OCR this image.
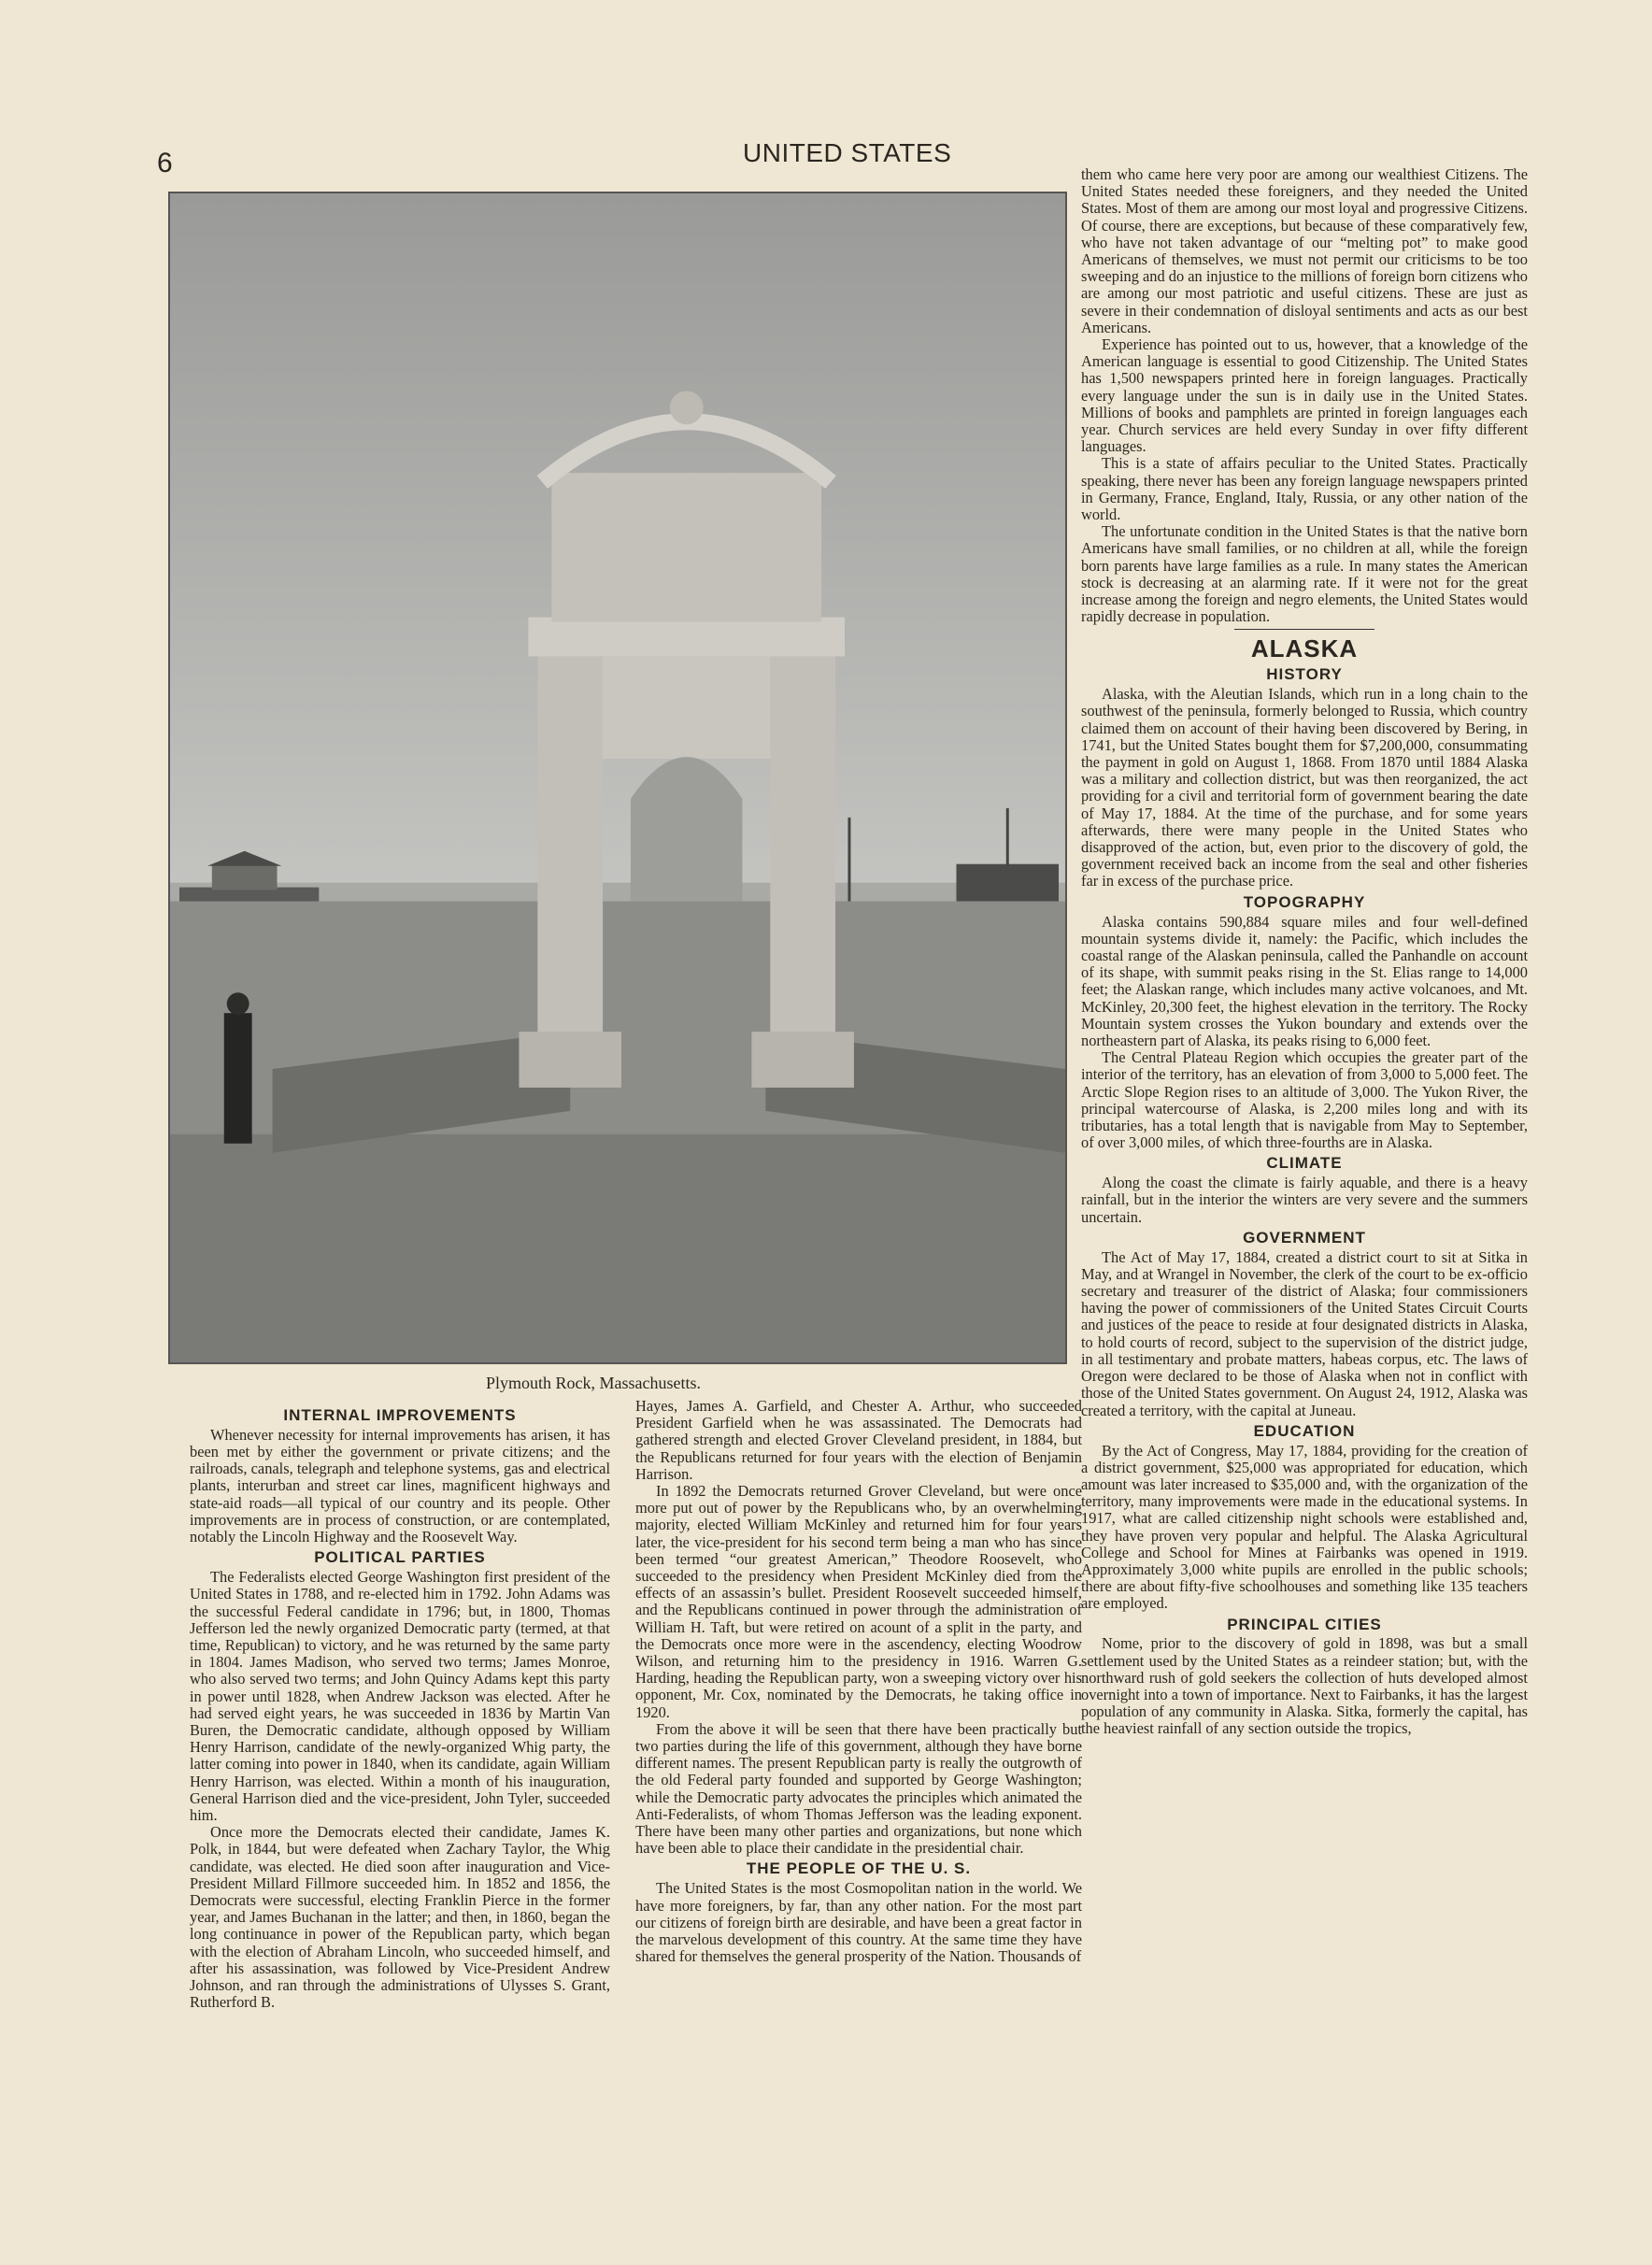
6	UNITED STATES
Plymouth Rock, Massachusetts.
INTERNAL IMPROVEMENTS

Whenever necessity for internal improvements has arisen, it has been met by either the government or private citizens; and the railroads, canals, telegraph and telephone systems, gas and electrical plants, interurban and street car lines, magnificent highways and state-aid roads—all typical of our country and its people. Other improvements are in process of construction, or are contemplated, notably the Lincoln Highway and the Roosevelt Way.

POLITICAL PARTIES

The Federalists elected George Washington first president of the United States in 1788, and re-elected him in 1792. John Adams was the successful Federal candidate in 1796; but, in 1800, Thomas Jefferson led the newly organized Democratic party (termed, at that time, Republican) to victory, and he was returned by the same party in 1804. James Madison, who served two terms; James Monroe, who also served two terms; and John Quincy Adams kept this party in power until 1828, when Andrew Jackson was elected. After he had served eight years, he was succeeded in 1836 by Martin Van Buren, the Democratic candidate, although opposed by William Henry Harrison, candidate of the newly-organized Whig party, the latter coming into power in 1840, when its candidate, again William Henry Harrison, was elected. Within a month of his inauguration, General Harrison died and the vice-president, John Tyler, succeeded him.

Once more the Democrats elected their candidate, James K. Polk, in 1844, but were defeated when Zachary Taylor, the Whig candidate, was elected. He died soon after inauguration and Vice-President Millard Fillmore succeeded him. In 1852 and 1856, the Democrats were successful, electing Franklin Pierce in the former year, and James Buchanan in the latter; and then, in 1860, began the long continuance in power of the Republican party, which began with the election of Abraham Lincoln, who succeeded himself, and after his assassination, was followed by Vice-President Andrew Johnson, and ran through the administrations of Ulysses S. Grant, Rutherford B.

Hayes, James A. Garfield, and Chester A. Arthur, who succeeded President Garfield when he was assassinated. The Democrats had gathered strength and elected Grover Cleveland president, in 1884, but the Republicans returned for four years with the election of Benjamin Harrison.

In 1892 the Democrats returned Grover Cleveland, but were once more put out of power by the Republicans who, by an overwhelming majority, elected William McKinley and returned him for four years later, the vice-president for his second term being a man who has since been termed “our greatest American,” Theodore Roosevelt, who succeeded to the presidency when President McKinley died from the effects of an assassin’s bullet. President Roosevelt succeeded himself, and the Republicans continued in power through the administration of William H. Taft, but were retired on acount of a split in the party, and the Democrats once more were in the ascendency, electing Woodrow Wilson, and returning him to the presidency in 1916. Warren G. Harding, heading the Republican party, won a sweeping victory over his opponent, Mr. Cox, nominated by the Democrats, he taking office in 1920.

From the above it will be seen that there have been practically but two parties during the life of this government, although they have borne different names. The present Republican party is really the outgrowth of the old Federal party founded and supported by George Washington; while the Democratic party advocates the principles which animated the Anti-Federalists, of whom Thomas Jefferson was the leading exponent. There have been many other parties and organizations, but none which have been able to place their candidate in the presidential chair.

THE PEOPLE OF THE U. S.

The United States is the most Cosmopolitan nation in the world. We have more foreigners, by far, than any other nation. For the most part our citizens of foreign birth are desirable, and have been a great factor in the marvelous development of this country. At the same time they have shared for themselves the general prosperity of the Nation. Thousands of

them who came here very poor are among our wealthiest Citizens. The United States needed these foreigners, and they needed the United States. Most of them are among our most loyal and progressive Citizens. Of course, there are exceptions, but because of these comparatively few, who have not taken advantage of our “melting pot” to make good Americans of themselves, we must not permit our criticisms to be too sweeping and do an injustice to the millions of foreign born citizens who are among our most patriotic and useful citizens. These are just as severe in their condemnation of disloyal sentiments and acts as our best Americans.

Experience has pointed out to us, however, that a knowledge of the American language is essential to good Citizenship. The United States has 1,500 newspapers printed here in foreign languages. Practically every language under the sun is in daily use in the United States. Millions of books and pamphlets are printed in foreign languages each year. Church services are held every Sunday in over fifty different languages.

This is a state of affairs peculiar to the United States. Practically speaking, there never has been any foreign language newspapers printed in Germany, France, England, Italy, Russia, or any other nation of the world.

The unfortunate condition in the United States is that the native born Americans have small families, or no children at all, while the foreign born parents have large families as a rule. In many states the American stock is decreasing at an alarming rate. If it were not for the great increase among the foreign and negro elements, the United States would rapidly decrease in population.

ALASKA
HISTORY

Alaska, with the Aleutian Islands, which run in a long chain to the southwest of the peninsula, formerly belonged to Russia, which country claimed them on account of their having been discovered by Bering, in 1741, but the United States bought them for $7,200,000, consummating the payment in gold on August 1, 1868. From 1870 until 1884 Alaska was a military and collection district, but was then reorganized, the act providing for a civil and territorial form of government bearing the date of May 17, 1884. At the time of the purchase, and for some years afterwards, there were many people in the United States who disapproved of the action, but, even prior to the discovery of gold, the government received back an income from the seal and other fisheries far in excess of the purchase price.

TOPOGRAPHY

Alaska contains 590,884 square miles and four well-defined mountain systems divide it, namely: the Pacific, which includes the coastal range of the Alaskan peninsula, called the Panhandle on account of its shape, with summit peaks rising in the St. Elias range to 14,000 feet; the Alaskan range, which includes many active volcanoes, and Mt. McKinley, 20,300 feet, the highest elevation in the territory. The Rocky Mountain system crosses the Yukon boundary and extends over the northeastern part of Alaska, its peaks rising to 6,000 feet.

The Central Plateau Region which occupies the greater part of the interior of the territory, has an elevation of from 3,000 to 5,000 feet. The Arctic Slope Region rises to an altitude of 3,000. The Yukon River, the principal watercourse of Alaska, is 2,200 miles long and with its tributaries, has a total length that is navigable from May to September, of over 3,000 miles, of which three-fourths are in Alaska.

CLIMATE

Along the coast the climate is fairly aquable, and there is a heavy rainfall, but in the interior the winters are very severe and the summers uncertain.

GOVERNMENT

The Act of May 17, 1884, created a district court to sit at Sitka in May, and at Wrangel in November, the clerk of the court to be ex-officio secretary and treasurer of the district of Alaska; four commissioners having the power of commissioners of the United States Circuit Courts and justices of the peace to reside at four designated districts in Alaska, to hold courts of record, subject to the supervision of the district judge, in all testimentary and probate matters, habeas corpus, etc. The laws of Oregon were declared to be those of Alaska when not in conflict with those of the United States government. On August 24, 1912, Alaska was created a territory, with the capital at Juneau.

EDUCATION

By the Act of Congress, May 17, 1884, providing for the creation of a district government, $25,000 was appropriated for education, which amount was later increased to $35,000 and, with the organization of the territory, many improvements were made in the educational systems. In 1917, what are called citizenship night schools were established and, they have proven very popular and helpful. The Alaska Agricultural College and School for Mines at Fairbanks was opened in 1919. Approximately 3,000 white pupils are enrolled in the public schools; there are about fifty-five schoolhouses and something like 135 teachers are employed.

PRINCIPAL CITIES

Nome, prior to the discovery of gold in 1898, was but a small settlement used by the United States as a reindeer station; but, with the northward rush of gold seekers the collection of huts developed almost overnight into a town of importance. Next to Fairbanks, it has the largest population of any community in Alaska. Sitka, formerly the capital, has the heaviest rainfall of any section outside the tropics,
